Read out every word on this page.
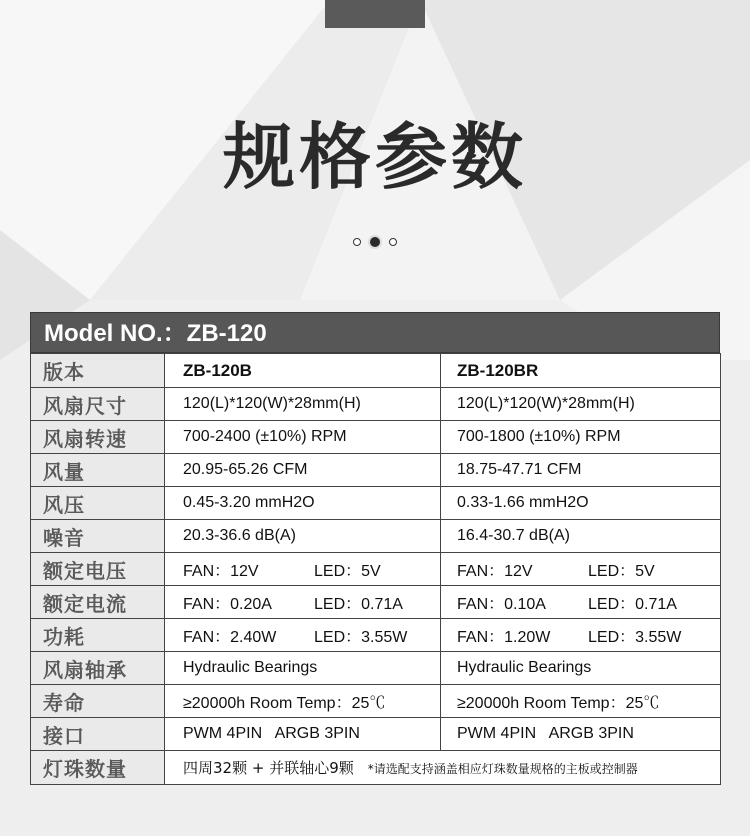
规格参数
Model NO.：ZB-120
版本	ZB-120B	ZB-120BR
风扇尺寸	120(L)*120(W)*28mm(H)	120(L)*120(W)*28mm(H)
风扇转速	700-2400 (±10%) RPM	700-1800 (±10%) RPM
风量	20.95-65.26 CFM	18.75-47.71 CFM
风压	0.45-3.20 mmH2O	0.33-1.66 mmH2O
噪音	20.3-36.6 dB(A)	16.4-30.7 dB(A)
额定电压	FAN：12V LED：5V	FAN：12V LED：5V
额定电流	FAN：0.20A LED：0.71A	FAN：0.10A LED：0.71A
功耗	FAN：2.40W LED：3.55W	FAN：1.20W LED：3.55W
风扇轴承	Hydraulic Bearings	Hydraulic Bearings
寿命	≥20000h Room Temp：25℃	≥20000h Room Temp：25℃
接口	PWM 4PIN   ARGB 3PIN	PWM 4PIN   ARGB 3PIN
灯珠数量	四周32颗 + 并联轴心9颗 *请选配支持涵盖相应灯珠数量规格的主板或控制器	
